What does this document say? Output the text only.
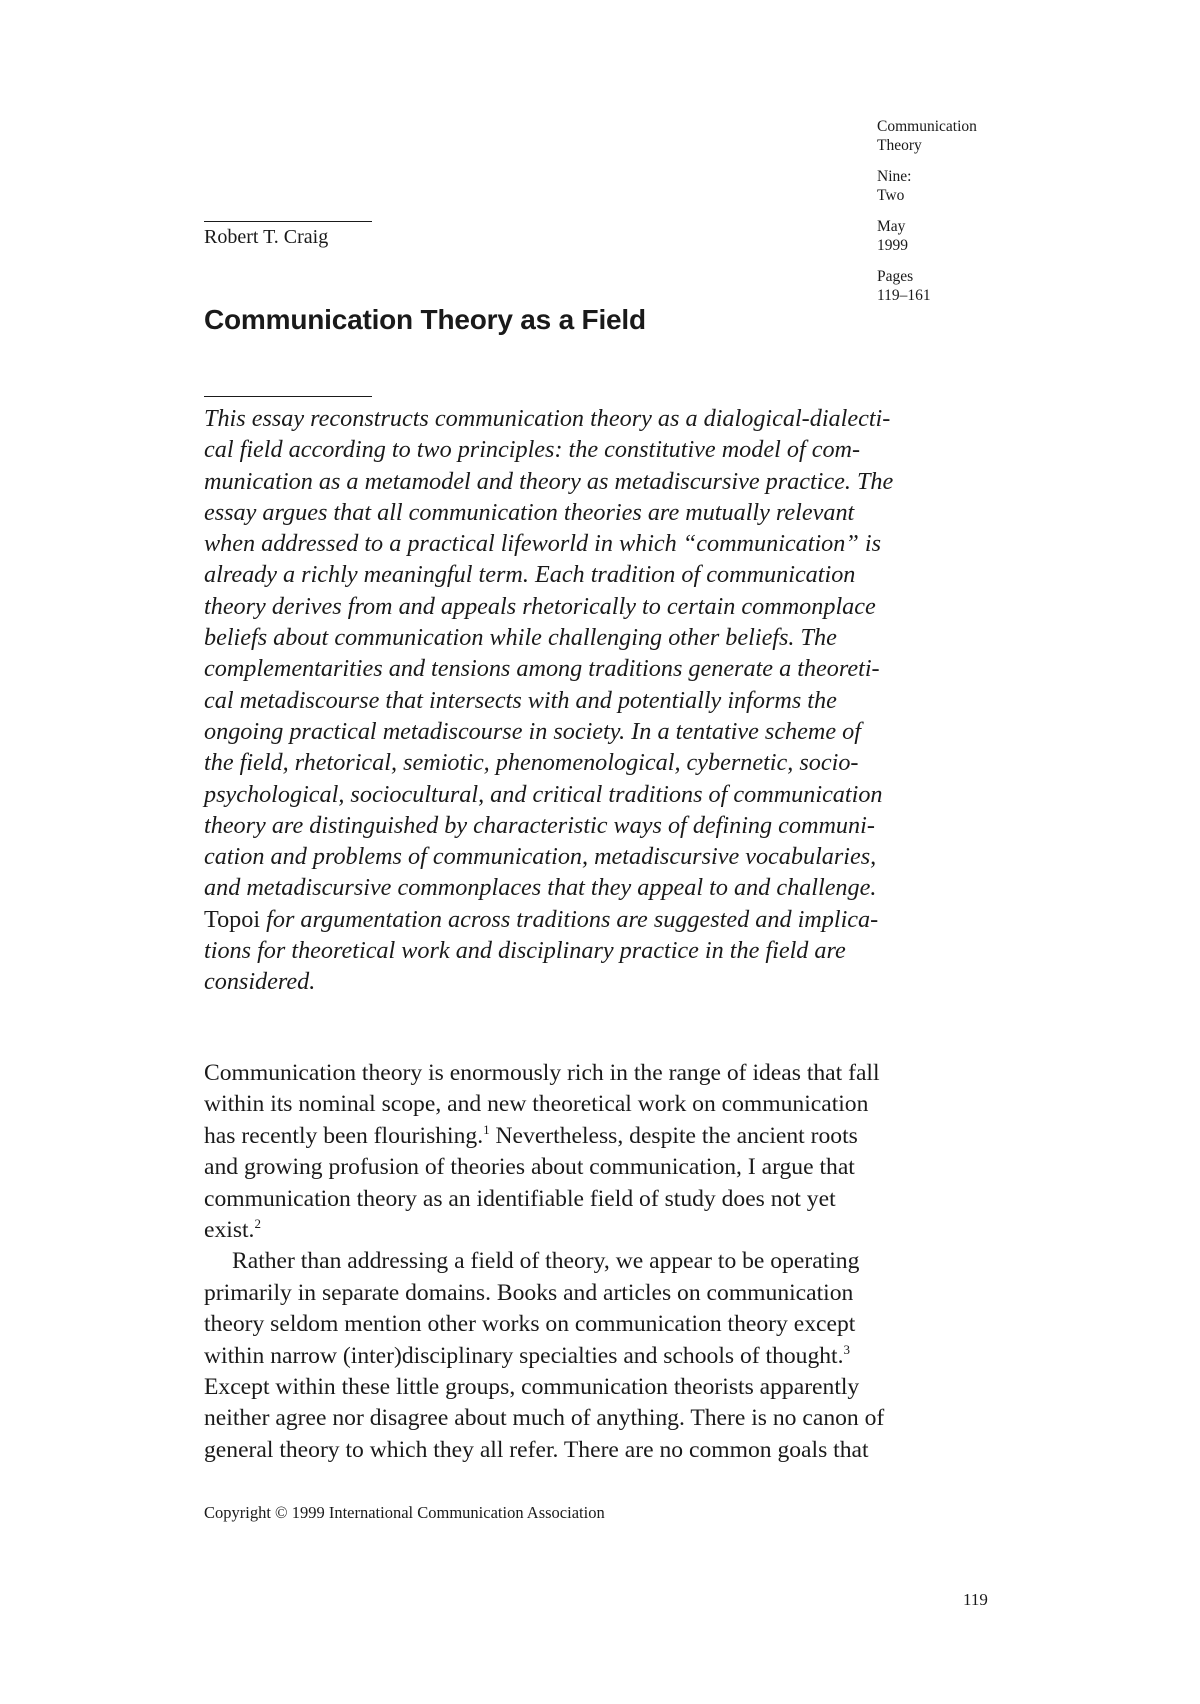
Communication
Theory
Nine:
Two
May
1999
Pages
119–161
Robert T. Craig
Communication Theory as a Field
This essay reconstructs communication theory as a dialogical-dialecti-
cal field according to two principles: the constitutive model of com-
munication as a metamodel and theory as metadiscursive practice. The
essay argues that all communication theories are mutually relevant
when addressed to a practical lifeworld in which “communication” is
already a richly meaningful term. Each tradition of communication
theory derives from and appeals rhetorically to certain commonplace
beliefs about communication while challenging other beliefs. The
complementarities and tensions among traditions generate a theoreti-
cal metadiscourse that intersects with and potentially informs the
ongoing practical metadiscourse in society. In a tentative scheme of
the field, rhetorical, semiotic, phenomenological, cybernetic, socio-
psychological, sociocultural, and critical traditions of communication
theory are distinguished by characteristic ways of defining communi-
cation and problems of communication, metadiscursive vocabularies,
and metadiscursive commonplaces that they appeal to and challenge.
Topoi for argumentation across traditions are suggested and implica-
tions for theoretical work and disciplinary practice in the field are
considered.
Communication theory is enormously rich in the range of ideas that fall
within its nominal scope, and new theoretical work on communication
has recently been flourishing.$^1$ Nevertheless, despite the ancient roots
and growing profusion of theories about communication, I argue that
communication theory as an identifiable field of study does not yet
exist.$^2$
Rather than addressing a field of theory, we appear to be operating
primarily in separate domains. Books and articles on communication
theory seldom mention other works on communication theory except
within narrow (inter)disciplinary specialties and schools of thought.$^3$
Except within these little groups, communication theorists apparently
neither agree nor disagree about much of anything. There is no canon of
general theory to which they all refer. There are no common goals that
Copyright © 1999 International Communication Association
119
